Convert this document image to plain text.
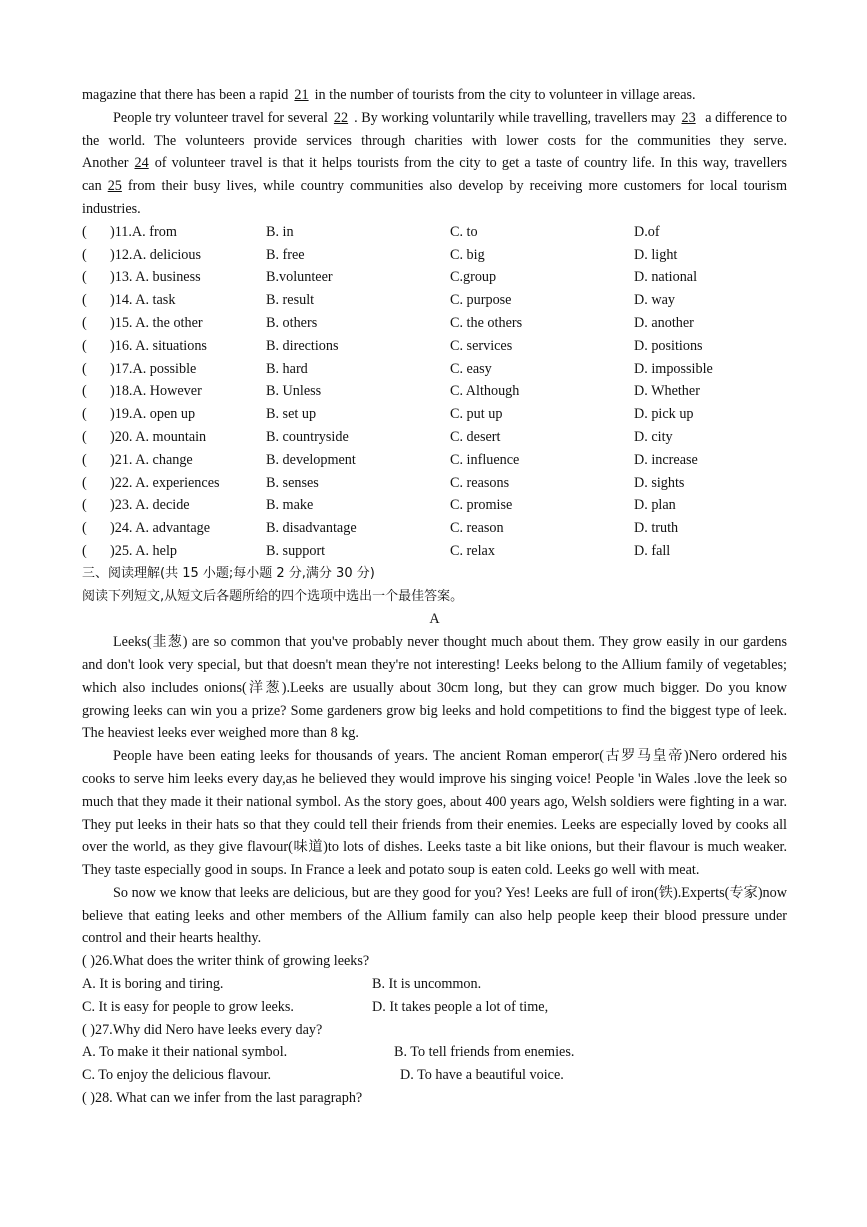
magazine that there has been a rapid 21 in the number of tourists from the city to volunteer in village areas.

People try volunteer travel for several 22 . By working voluntarily while travelling, travellers may 23 a difference to the world. The volunteers provide services through charities with lower costs for the communities they serve. Another 24 of volunteer travel is that it helps tourists from the city to get a taste of country life. In this way, travellers can 25 from their busy lives, while country communities also develop by receiving more customers for local tourism industries.

( )11.A. from	B. in	C. to	D.of
( )12.A. delicious	B. free	C. big	D. light
( )13. A. business	B.volunteer	C.group	D. national
( )14. A. task	B. result	C. purpose	D. way
( )15. A. the other	B. others	C. the others	D. another
( )16. A. situations	B. directions	C. services	D. positions
( )17.A. possible	B. hard	C. easy	D. impossible
( )18.A. However	B. Unless	C. Although	D. Whether
( )19.A. open up	B. set up	C. put up	D. pick up
( )20. A. mountain	B. countryside	C. desert	D. city
( )21. A. change	B. development	C. influence	D. increase
( )22. A. experiences	B. senses	C. reasons	D. sights
( )23. A. decide	B. make	C. promise	D. plan
( )24. A. advantage	B. disadvantage	C. reason	D. truth
( )25. A. help	B. support	C. relax	D. fall

三、阅读理解(共 15 小题;每小题 2 分,满分 30 分)

阅读下列短文,从短文后各题所给的四个选项中选出一个最佳答案。

A

Leeks(韭葱) are so common that you've probably never thought much about them. They grow easily in our gardens and don't look very special, but that doesn't mean they're not interesting! Leeks belong to the Allium family of vegetables; which also includes onions(洋葱).Leeks are usually about 30cm long, but they can grow much bigger. Do you know growing leeks can win you a prize? Some gardeners grow big leeks and hold competitions to find the biggest type of leek. The heaviest leeks ever weighed more than 8 kg.

People have been eating leeks for thousands of years. The ancient Roman emperor(古罗马皇帝)Nero ordered his cooks to serve him leeks every day,as he believed they would improve his singing voice! People 'in Wales .love the leek so much that they made it their national symbol. As the story goes, about 400 years ago, Welsh soldiers were fighting in a war. They put leeks in their hats so that they could tell their friends from their enemies. Leeks are especially loved by cooks all over the world, as they give flavour(味道)to lots of dishes. Leeks taste a bit like onions, but their flavour is much weaker. They taste especially good in soups. In France a leek and potato soup is eaten cold. Leeks go well with meat.

So now we know that leeks are delicious, but are they good for you? Yes! Leeks are full of iron(铁).Experts(专家)now believe that eating leeks and other members of the Allium family can also help people keep their blood pressure under control and their hearts healthy.

( )26.What does the writer think of growing leeks?

A. It is boring and tiring.	B. It is uncommon.
C. It is easy for people to grow leeks.	D. It takes people a lot of time,

( )27.Why did Nero have leeks every day?

A. To make it their national symbol.	B. To tell friends from enemies.
C. To enjoy the delicious flavour.	D. To have a beautiful voice.

( )28. What can we infer from the last paragraph?
